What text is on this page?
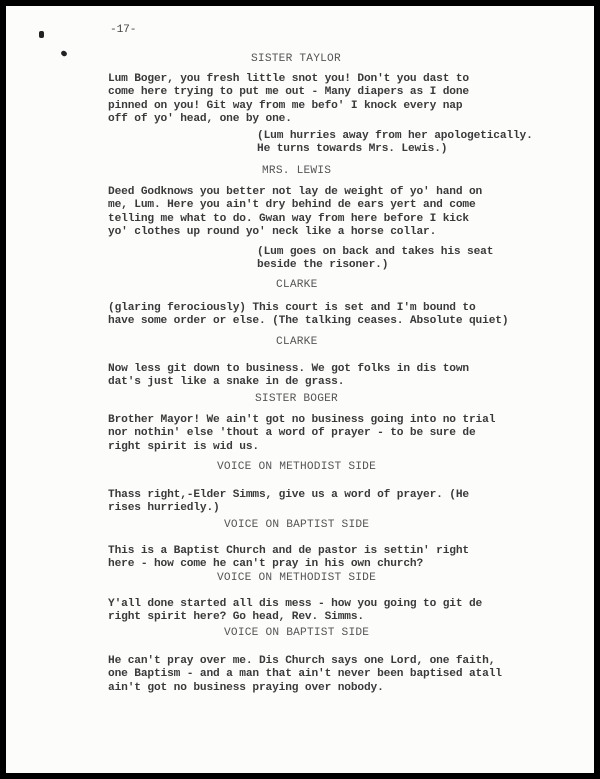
-17-
SISTER TAYLOR
Lum Boger, you fresh little snot you! Don't you dast to
come here trying to put me out - Many diapers as I done
pinned on you! Git way from me befo' I knock every nap
off of yo' head, one by one.
(Lum hurries away from her apologetically.
He turns towards Mrs. Lewis.)
MRS. LEWIS
Deed Godknows you better not lay de weight of yo' hand on
me, Lum. Here you ain't dry behind de ears yert and come
telling me what to do. Gwan way from here before I kick
yo' clothes up round yo' neck like a horse collar.
(Lum goes on back and takes his seat
beside the risoner.)
CLARKE
(glaring ferociously) This court is set and I'm bound to
have some order or else. (The talking ceases. Absolute quiet)
CLARKE
Now less git down to business. We got folks in dis town
dat's just like a snake in de grass.
SISTER BOGER
Brother Mayor! We ain't got no business going into no trial
nor nothin' else 'thout a word of prayer - to be sure de
right spirit is wid us.
VOICE ON METHODIST SIDE
Thass right,-Elder Simms, give us a word of prayer. (He
rises hurriedly.)
VOICE ON BAPTIST SIDE
This is a Baptist Church and de pastor is settin' right
here - how come he can't pray in his own church?
VOICE ON METHODIST SIDE
Y'all done started all dis mess - how you going to git de
right spirit here? Go head, Rev. Simms.
VOICE ON BAPTIST SIDE
He can't pray over me. Dis Church says one Lord, one faith,
one Baptism - and a man that ain't never been baptised atall
ain't got no business praying over nobody.
